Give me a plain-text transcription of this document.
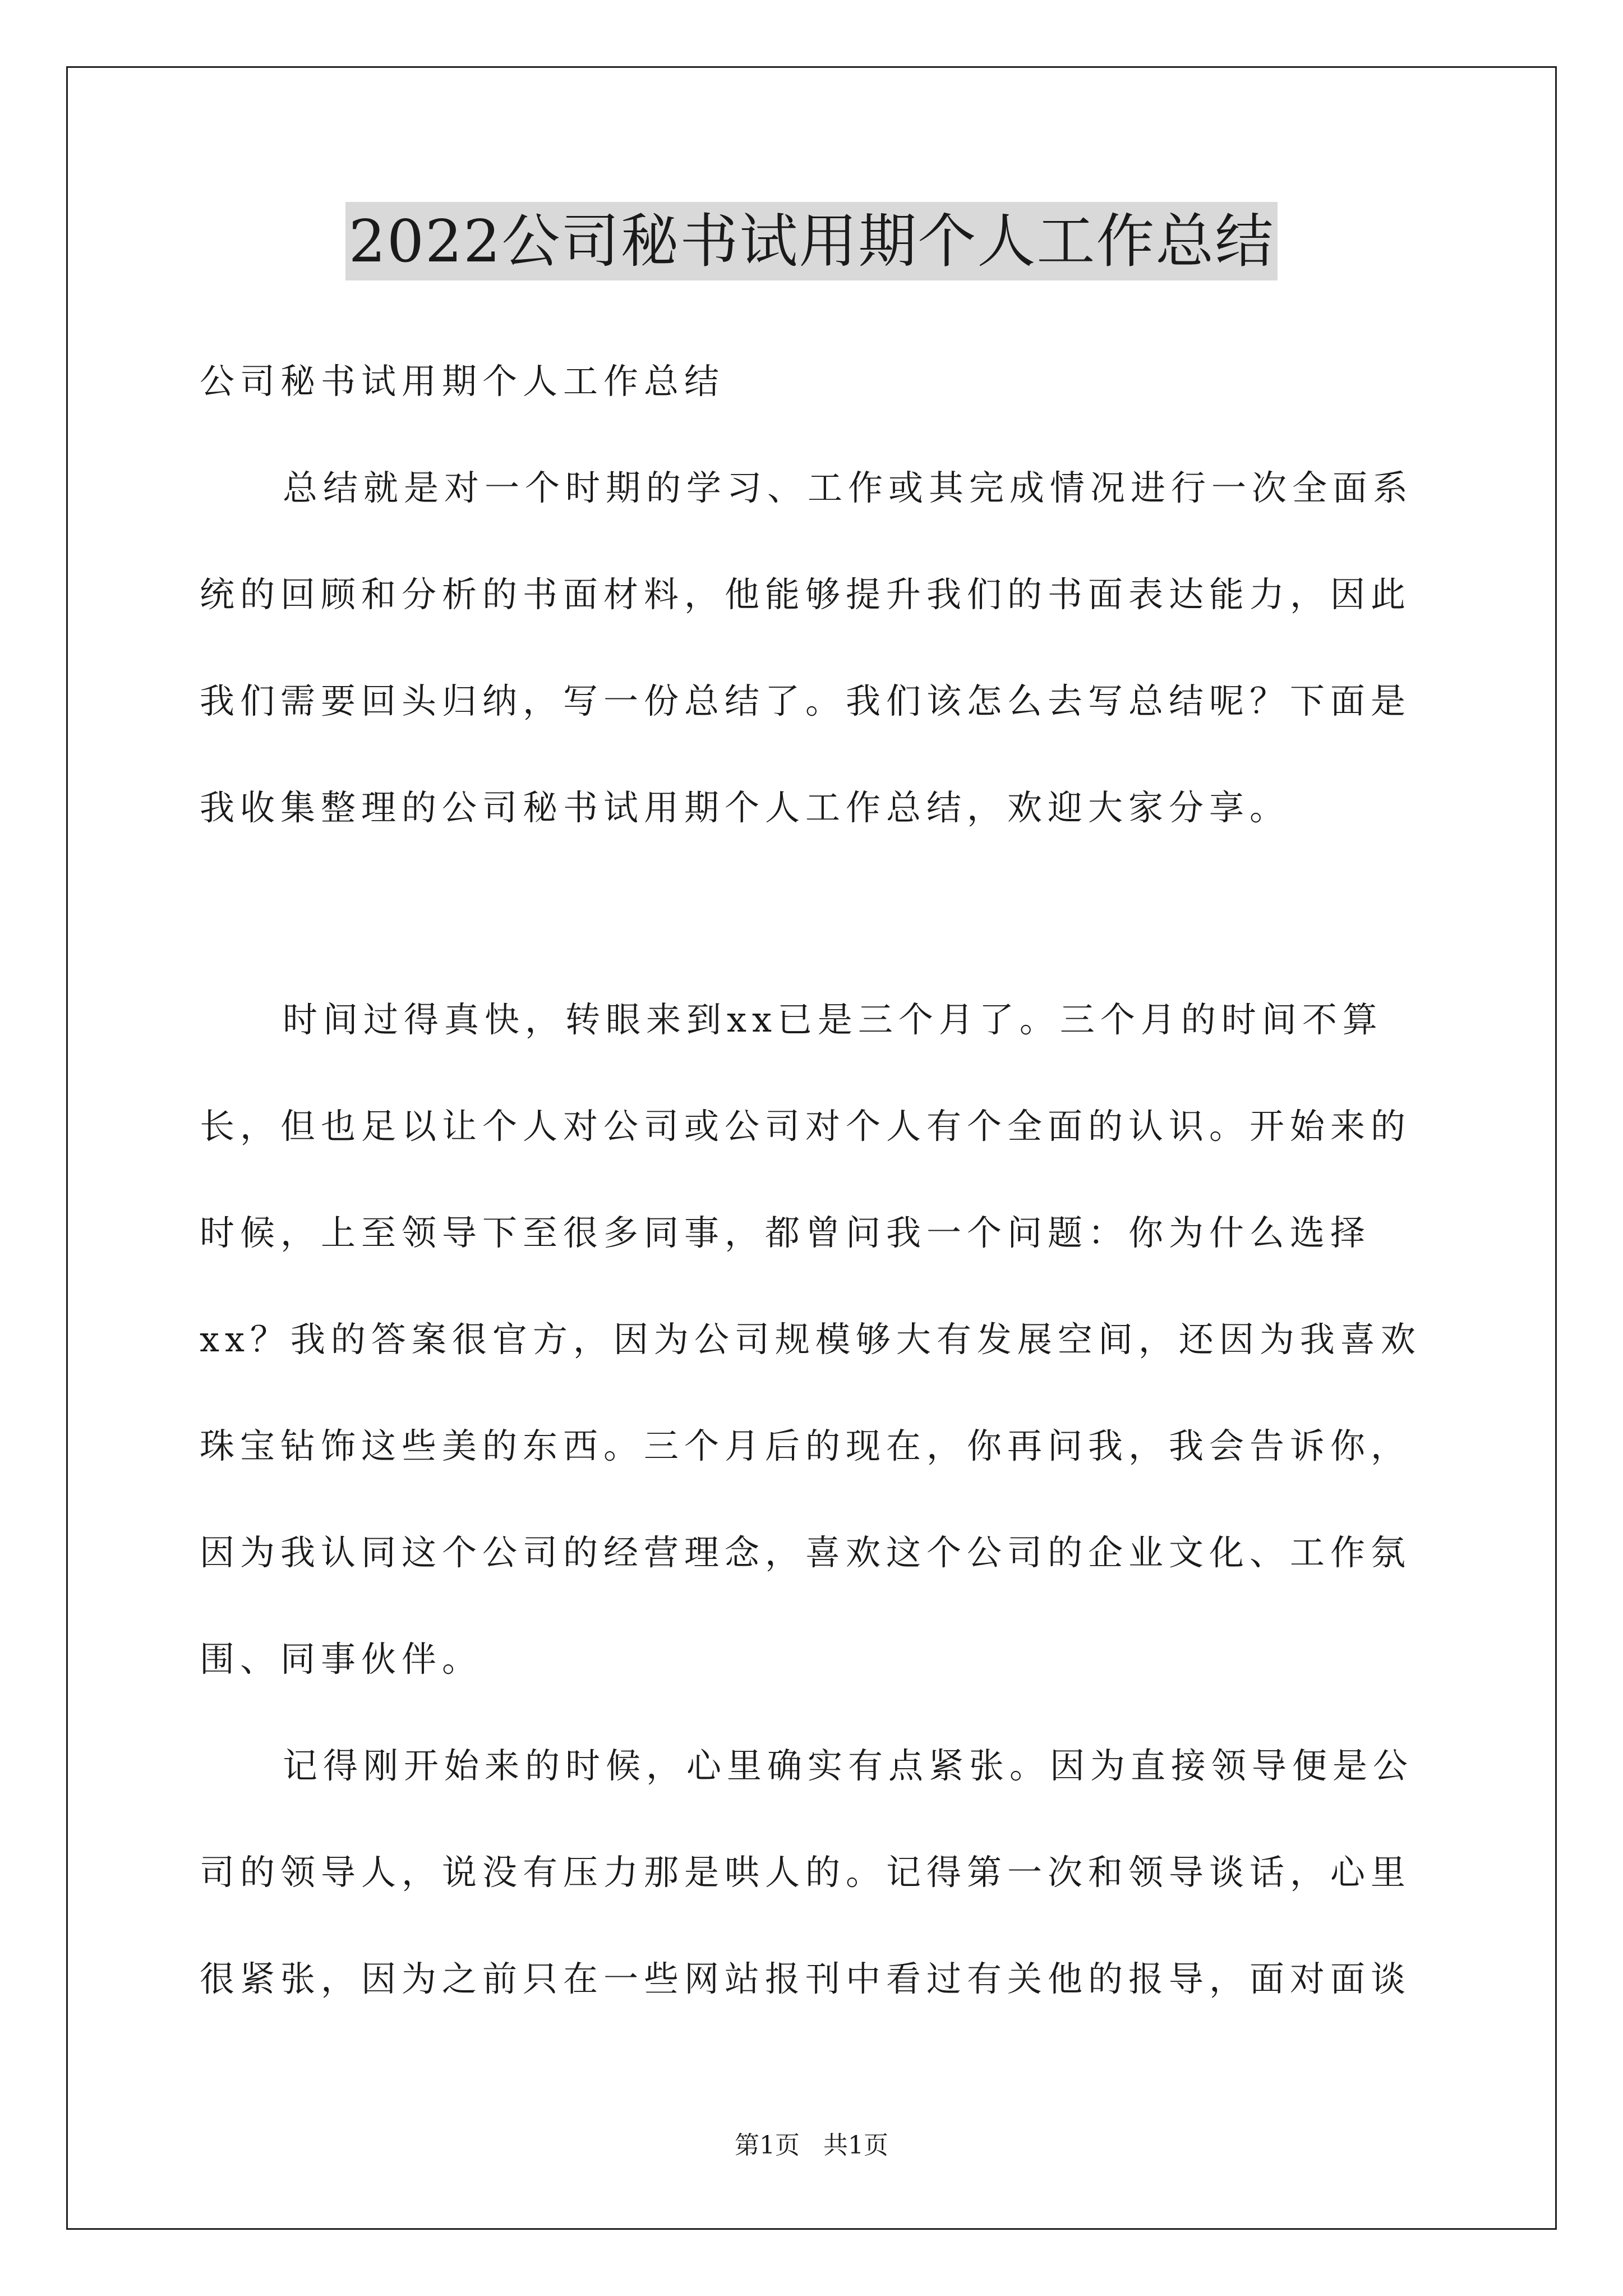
2022公司秘书试用期个人工作总结

公司秘书试用期个人工作总结

总结就是对一个时期的学习、工作或其完成情况进行一次全面系统的回顾和分析的书面材料，他能够提升我们的书面表达能力，因此我们需要回头归纳，写一份总结了。我们该怎么去写总结呢？下面是我收集整理的公司秘书试用期个人工作总结，欢迎大家分享。

时间过得真快，转眼来到xx已是三个月了。三个月的时间不算长，但也足以让个人对公司或公司对个人有个全面的认识。开始来的时候，上至领导下至很多同事，都曾问我一个问题：你为什么选择xx？我的答案很官方，因为公司规模够大有发展空间，还因为我喜欢珠宝钻饰这些美的东西。三个月后的现在，你再问我，我会告诉你，因为我认同这个公司的经营理念，喜欢这个公司的企业文化、工作氛围、同事伙伴。

记得刚开始来的时候，心里确实有点紧张。因为直接领导便是公司的领导人，说没有压力那是哄人的。记得第一次和领导谈话，心里很紧张，因为之前只在一些网站报刊中看过有关他的报导，面对面谈

第1页 共1页
